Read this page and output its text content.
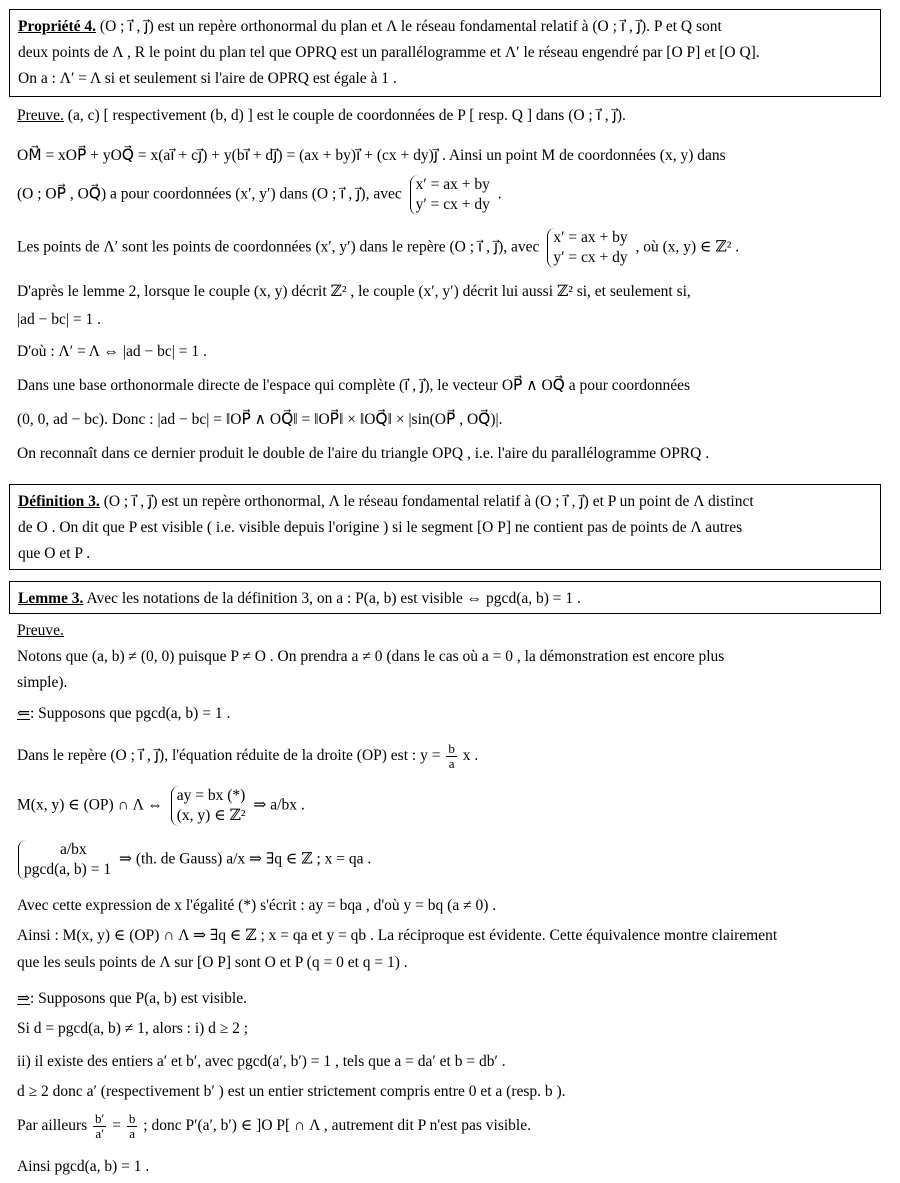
Propriété 4. (O ; i⃗ , j⃗) est un repère orthonormal du plan et Λ le réseau fondamental relatif à (O ; i⃗ , j⃗). P et Q sont
deux points de Λ , R le point du plan tel que OPRQ est un parallélogramme et Λ′ le réseau engendré par [O P] et [O Q].
On a : Λ′ = Λ si et seulement si l'aire de OPRQ est égale à 1 .
Preuve. (a, c) [ respectivement (b, d) ] est le couple de coordonnées de P [ resp. Q ] dans (O ; i⃗ , j⃗).
OM⃗ = xOP⃗ + yOQ⃗ = x(ai⃗ + cj⃗) + y(bi⃗ + dj⃗) = (ax + by)i⃗ + (cx + dy)j⃗ . Ainsi un point M de coordonnées (x, y) dans
(O ; OP⃗ , OQ⃗) a pour coordonnées (x′, y′) dans (O ; i⃗ , j⃗), avec
x′ = ax + by
y′ = cx + dy
.
Les points de Λ′ sont les points de coordonnées (x′, y′) dans le repère (O ; i⃗ , j⃗), avec
x′ = ax + by
y′ = cx + dy
, où (x, y) ∈ ℤ² .
D'après le lemme 2, lorsque le couple (x, y) décrit ℤ² , le couple (x′, y′) décrit lui aussi ℤ² si, et seulement si,
|ad − bc| = 1 .
D'où : Λ′ = Λ ⇔ |ad − bc| = 1 .
Dans une base orthonormale directe de l'espace qui complète (i⃗ , j⃗), le vecteur OP⃗ ∧ OQ⃗ a pour coordonnées
(0, 0, ad − bc). Donc : |ad − bc| = ‖OP⃗ ∧ OQ⃗‖ = ‖OP⃗‖ × ‖OQ⃗‖ × |sin(OP⃗ , OQ⃗)|.
On reconnaît dans ce dernier produit le double de l'aire du triangle OPQ , i.e. l'aire du parallélogramme OPRQ .
Définition 3. (O ; i⃗ , j⃗) est un repère orthonormal, Λ le réseau fondamental relatif à (O ; i⃗ , j⃗) et P un point de Λ distinct
de O . On dit que P est visible ( i.e. visible depuis l'origine ) si le segment [O P] ne contient pas de points de Λ autres
que O et P .
Lemme 3. Avec les notations de la définition 3, on a : P(a, b) est visible ⇔ pgcd(a, b) = 1 .
Preuve.
Notons que (a, b) ≠ (0, 0) puisque P ≠ O . On prendra a ≠ 0 (dans le cas où a = 0 , la démonstration est encore plus
simple).
⇐: Supposons que pgcd(a, b) = 1 .
Dans le repère (O ; i⃗ , j⃗), l'équation réduite de la droite (OP) est : $y = \frac{b}{a}$ x .
M(x, y) ∈ (OP) ∩ Λ ⇔
ay = bx (*)
(x, y) ∈ ℤ²
⇒ a/bx .
a/bx
pgcd(a, b) = 1
⇒ (th. de Gauss) a/x ⇒ ∃q ∈ ℤ ; x = qa .
Avec cette expression de x l'égalité (*) s'écrit : ay = bqa , d'où y = bq (a ≠ 0) .
Ainsi : M(x, y) ∈ (OP) ∩ Λ ⇒ ∃q ∈ ℤ ; x = qa et y = qb . La réciproque est évidente. Cette équivalence montre clairement
que les seuls points de Λ sur [O P] sont O et P (q = 0 et q = 1) .
⇒: Supposons que P(a, b) est visible.
Si d = pgcd(a, b) ≠ 1, alors : i) d ≥ 2 ;
ii) il existe des entiers a′ et b′, avec pgcd(a′, b′) = 1 , tels que a = da′ et b = db′ .
d ≥ 2 donc a′ (respectivement b′ ) est un entier strictement compris entre 0 et a (resp. b ).
Par ailleurs $\frac{b'}{a'} = \frac{b}{a}$ ; donc P′(a′, b′) ∈ ]O P[ ∩ Λ , autrement dit P n'est pas visible.
Ainsi pgcd(a, b) = 1 .
